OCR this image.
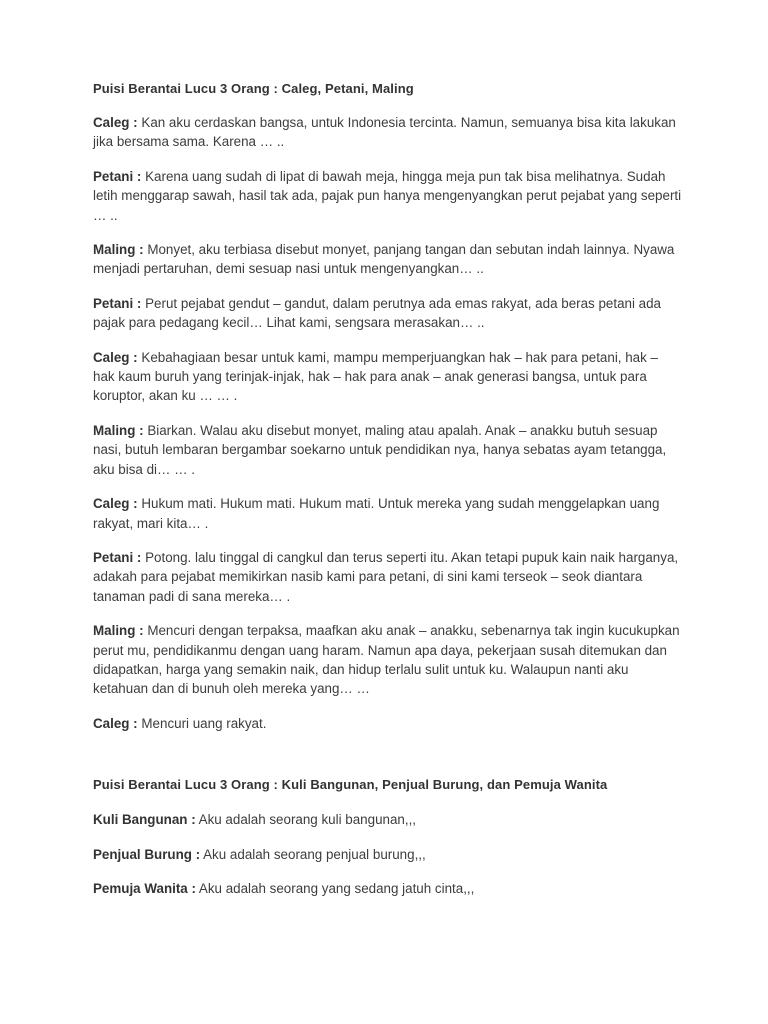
Puisi Berantai Lucu 3 Orang : Caleg, Petani, Maling

Caleg : Kan aku cerdaskan bangsa, untuk Indonesia tercinta. Namun, semuanya bisa kita lakukan jika bersama sama. Karena … ..

Petani : Karena uang sudah di lipat di bawah meja, hingga meja pun tak bisa melihatnya. Sudah letih menggarap sawah, hasil tak ada, pajak pun hanya mengenyangkan perut pejabat yang seperti … ..

Maling : Monyet, aku terbiasa disebut monyet, panjang tangan dan sebutan indah lainnya. Nyawa menjadi pertaruhan, demi sesuap nasi untuk mengenyangkan… ..

Petani : Perut pejabat gendut – gandut, dalam perutnya ada emas rakyat, ada beras petani ada pajak para pedagang kecil… Lihat kami, sengsara merasakan… ..

Caleg : Kebahagiaan besar untuk kami, mampu memperjuangkan hak – hak para petani, hak – hak kaum buruh yang terinjak-injak, hak – hak para anak – anak generasi bangsa, untuk para koruptor, akan ku … … .

Maling : Biarkan. Walau aku disebut monyet, maling atau apalah. Anak – anakku butuh sesuap nasi, butuh lembaran bergambar soekarno untuk pendidikan nya, hanya sebatas ayam tetangga, aku bisa di… … .

Caleg : Hukum mati. Hukum mati. Hukum mati. Untuk mereka yang sudah menggelapkan uang rakyat, mari kita… .

Petani : Potong. lalu tinggal di cangkul dan terus seperti itu. Akan tetapi pupuk kain naik harganya, adakah para pejabat memikirkan nasib kami para petani, di sini kami terseok – seok diantara tanaman padi di sana mereka… .

Maling : Mencuri dengan terpaksa, maafkan aku anak – anakku, sebenarnya tak ingin kucukupkan perut mu, pendidikanmu dengan uang haram. Namun apa daya, pekerjaan susah ditemukan dan didapatkan, harga yang semakin naik, dan hidup terlalu sulit untuk ku. Walaupun nanti aku ketahuan dan di bunuh oleh mereka yang… …

Caleg : Mencuri uang rakyat.

Puisi Berantai Lucu 3 Orang : Kuli Bangunan, Penjual Burung, dan Pemuja Wanita

Kuli Bangunan : Aku adalah seorang kuli bangunan,,,

Penjual Burung : Aku adalah seorang penjual burung,,,

Pemuja Wanita : Aku adalah seorang yang sedang jatuh cinta,,,
